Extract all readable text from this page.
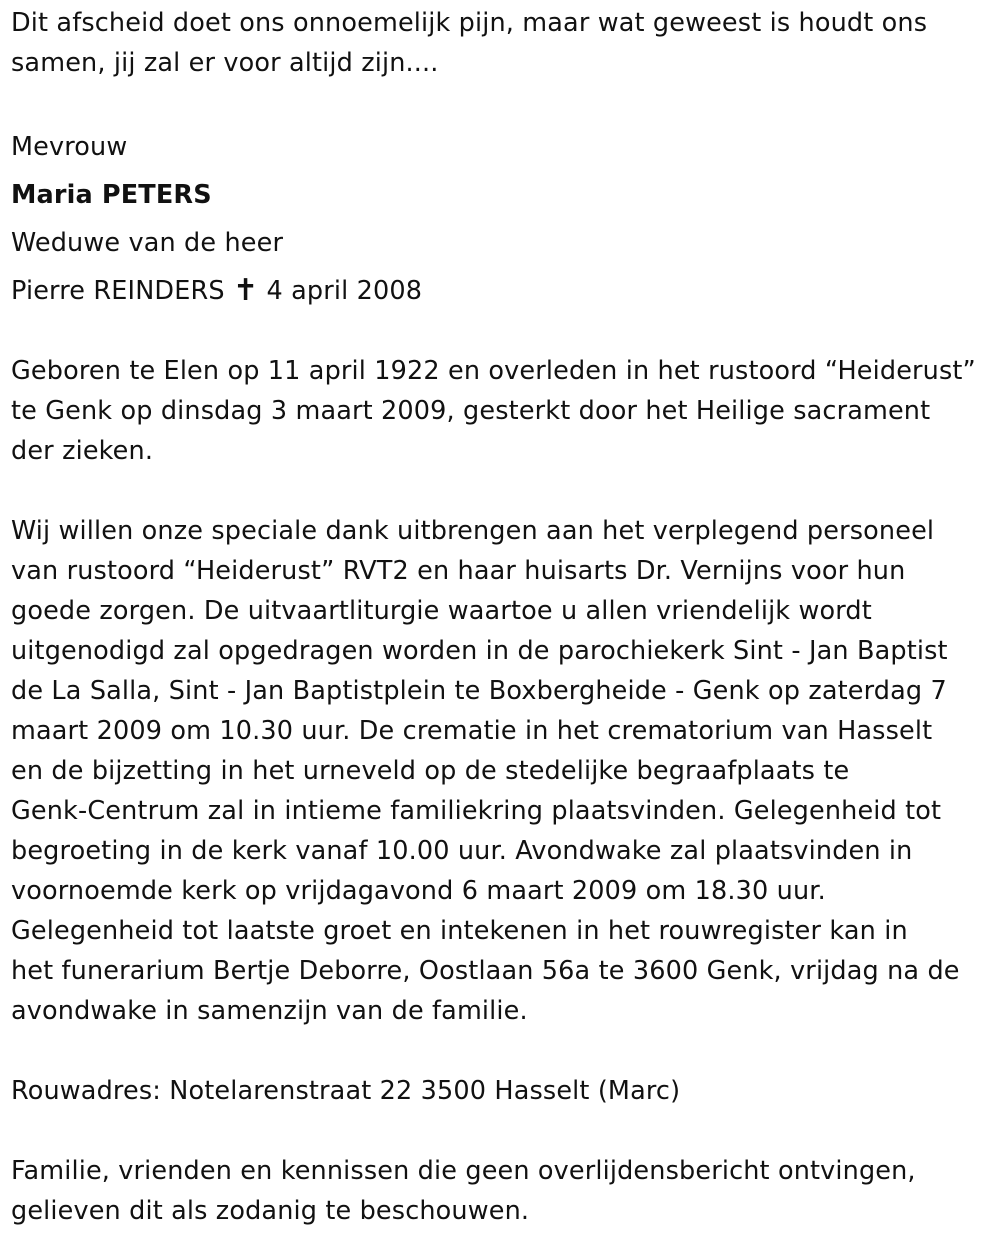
Dit afscheid doet ons onnoemelijk pijn, maar wat geweest is houdt ons
samen, jij zal er voor altijd zijn....

Mevrouw
Maria PETERS
Weduwe van de heer
Pierre REINDERS ✝ 4 april 2008

Geboren te Elen op 11 april 1922 en overleden in het rustoord “Heiderust”
te Genk op dinsdag 3 maart 2009, gesterkt door het Heilige sacrament
der zieken.

Wij willen onze speciale dank uitbrengen aan het verplegend personeel
van rustoord “Heiderust” RVT2 en haar huisarts Dr. Vernijns voor hun
goede zorgen. De uitvaartliturgie waartoe u allen vriendelijk wordt
uitgenodigd zal opgedragen worden in de parochiekerk Sint - Jan Baptist
de La Salla, Sint - Jan Baptistplein te Boxbergheide - Genk op zaterdag 7
maart 2009 om 10.30 uur. De crematie in het crematorium van Hasselt
en de bijzetting in het urneveld op de stedelijke begraafplaats te
Genk-Centrum zal in intieme familiekring plaatsvinden. Gelegenheid tot
begroeting in de kerk vanaf 10.00 uur. Avondwake zal plaatsvinden in
voornoemde kerk op vrijdagavond 6 maart 2009 om 18.30 uur.
Gelegenheid tot laatste groet en intekenen in het rouwregister kan in
het funerarium Bertje Deborre, Oostlaan 56a te 3600 Genk, vrijdag na de
avondwake in samenzijn van de familie.

Rouwadres: Notelarenstraat 22 3500 Hasselt (Marc)

Familie, vrienden en kennissen die geen overlijdensbericht ontvingen,
gelieven dit als zodanig te beschouwen.
